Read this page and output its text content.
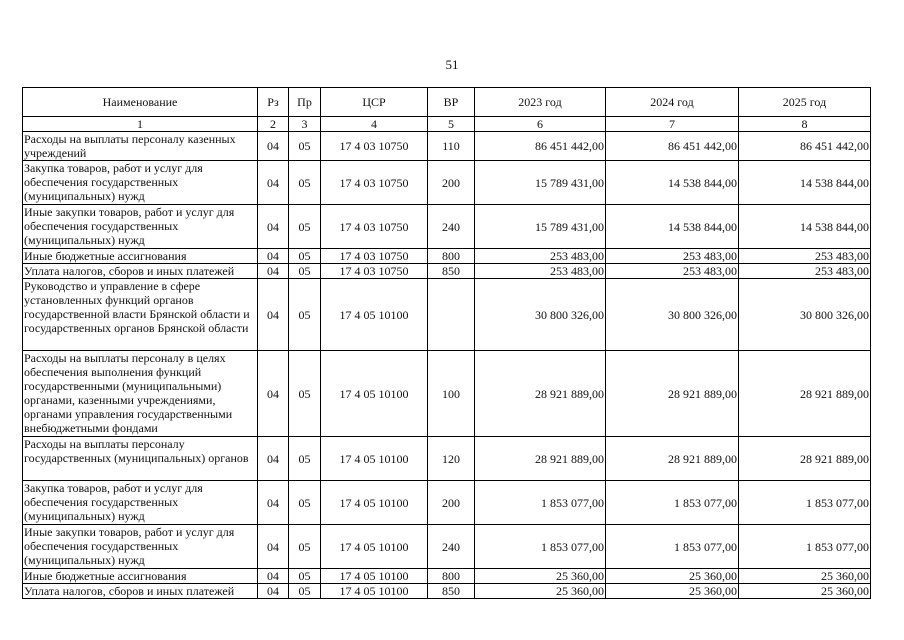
51
Наименование	Рз	Пр	ЦСР	ВР	2023 год	2024 год	2025 год
1	2	3	4	5	6	7	8
Расходы на выплаты персоналу казенных учреждений	04	05	17 4 03 10750	110	86 451 442,00	86 451 442,00	86 451 442,00
Закупка товаров, работ и услуг для обеспечения государственных (муниципальных) нужд	04	05	17 4 03 10750	200	15 789 431,00	14 538 844,00	14 538 844,00
Иные закупки товаров, работ и услуг для обеспечения государственных (муниципальных) нужд	04	05	17 4 03 10750	240	15 789 431,00	14 538 844,00	14 538 844,00
Иные бюджетные ассигнования	04	05	17 4 03 10750	800	253 483,00	253 483,00	253 483,00
Уплата налогов, сборов и иных платежей	04	05	17 4 03 10750	850	253 483,00	253 483,00	253 483,00
Руководство и управление в сфере установленных функций органов государственной власти Брянской области и государственных органов Брянской области	04	05	17 4 05 10100		30 800 326,00	30 800 326,00	30 800 326,00
Расходы на выплаты персоналу в целях обеспечения выполнения функций государственными (муниципальными) органами, казенными учреждениями, органами управления государственными внебюджетными фондами	04	05	17 4 05 10100	100	28 921 889,00	28 921 889,00	28 921 889,00
Расходы на выплаты персоналу государственных (муниципальных) органов	04	05	17 4 05 10100	120	28 921 889,00	28 921 889,00	28 921 889,00
Закупка товаров, работ и услуг для обеспечения государственных (муниципальных) нужд	04	05	17 4 05 10100	200	1 853 077,00	1 853 077,00	1 853 077,00
Иные закупки товаров, работ и услуг для обеспечения государственных (муниципальных) нужд	04	05	17 4 05 10100	240	1 853 077,00	1 853 077,00	1 853 077,00
Иные бюджетные ассигнования	04	05	17 4 05 10100	800	25 360,00	25 360,00	25 360,00
Уплата налогов, сборов и иных платежей	04	05	17 4 05 10100	850	25 360,00	25 360,00	25 360,00
